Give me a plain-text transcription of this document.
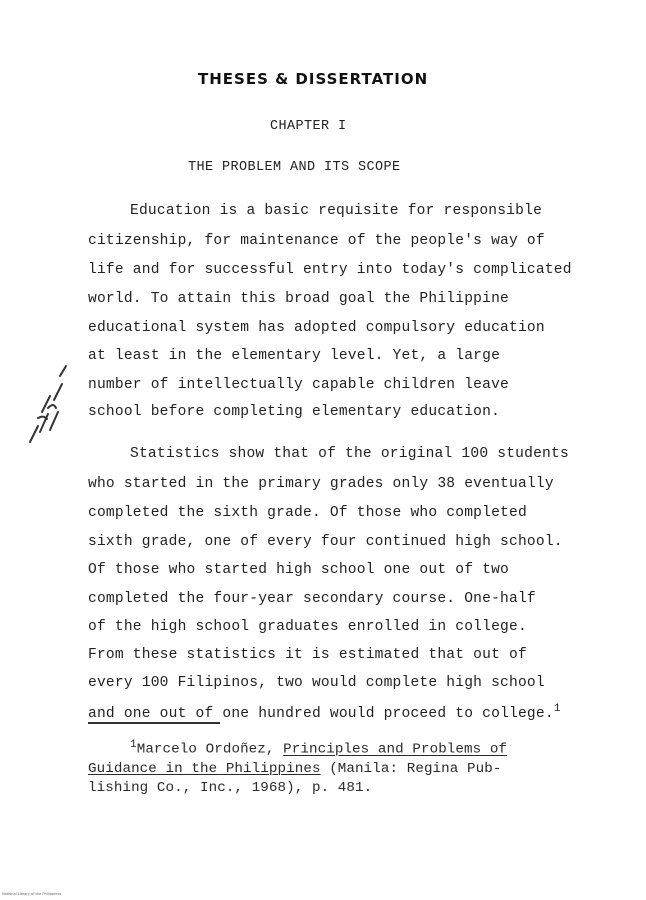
THESES & DISSERTATION
CHAPTER I
THE PROBLEM AND ITS SCOPE
Education is a basic requisite for responsible
citizenship, for maintenance of the people's way of
life and for successful entry into today's complicated
world. To attain this broad goal the Philippine
educational system has adopted compulsory education
at least in the elementary level. Yet, a large
number of intellectually capable children leave
school before completing elementary education.
Statistics show that of the original 100 students
who started in the primary grades only 38 eventually
completed the sixth grade. Of those who completed
sixth grade, one of every four continued high school.
Of those who started high school one out of two
completed the four-year secondary course. One-half
of the high school graduates enrolled in college.
From these statistics it is estimated that out of
every 100 Filipinos, two would complete high school
and one out of one hundred would proceed to college.$^1$
$^1$Marcelo Ordoñez, Principles and Problems of
Guidance in the Philippines (Manila: Regina Pub-
lishing Co., Inc., 1968), p. 481.
National Library of the Philippines
